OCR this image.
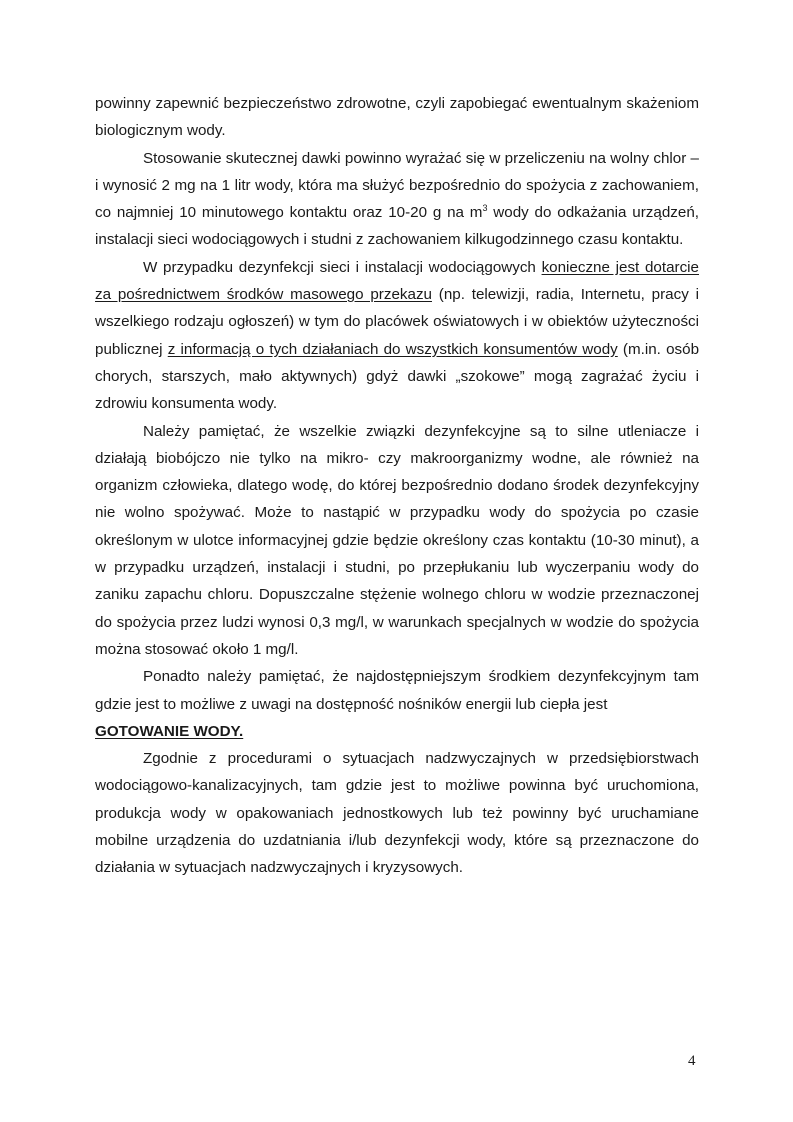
powinny zapewnić bezpieczeństwo zdrowotne, czyli zapobiegać ewentualnym skażeniom biologicznym wody.

Stosowanie skutecznej dawki powinno wyrażać się w przeliczeniu na wolny chlor – i wynosić 2 mg na 1 litr wody, która ma służyć bezpośrednio do spożycia z zachowaniem, co najmniej 10 minutowego kontaktu oraz 10-20 g na $m^3$ wody do odkażania urządzeń, instalacji sieci wodociągowych i studni z zachowaniem kilkugodzinnego czasu kontaktu.

W przypadku dezynfekcji sieci i instalacji wodociągowych konieczne jest dotarcie za pośrednictwem środków masowego przekazu (np. telewizji, radia, Internetu, pracy i wszelkiego rodzaju ogłoszeń) w tym do placówek oświatowych i w obiektów użyteczności publicznej z informacją o tych działaniach do wszystkich konsumentów wody (m.in. osób chorych, starszych, mało aktywnych) gdyż dawki „szokowe” mogą zagrażać życiu i zdrowiu konsumenta wody.

Należy pamiętać, że wszelkie związki dezynfekcyjne są to silne utleniacze i działają biobójczo nie tylko na mikro- czy makroorganizmy wodne, ale również na organizm człowieka, dlatego wodę, do której bezpośrednio dodano środek dezynfekcyjny nie wolno spożywać. Może to nastąpić w przypadku wody do spożycia po czasie określonym w ulotce informacyjnej gdzie będzie określony czas kontaktu (10-30 minut), a w przypadku urządzeń, instalacji i studni, po przepłukaniu lub wyczerpaniu wody do zaniku zapachu chloru. Dopuszczalne stężenie wolnego chloru w wodzie przeznaczonej do spożycia przez ludzi wynosi 0,3 mg/l, w warunkach specjalnych w wodzie do spożycia można stosować około 1 mg/l.

Ponadto należy pamiętać, że najdostępniejszym środkiem dezynfekcyjnym tam gdzie jest to możliwe z uwagi na dostępność nośników energii lub ciepła jest
GOTOWANIE WODY.

Zgodnie z procedurami o sytuacjach nadzwyczajnych w przedsiębiorstwach wodociągowo-kanalizacyjnych, tam gdzie jest to możliwe powinna być uruchomiona, produkcja wody w opakowaniach jednostkowych lub też powinny być uruchamiane mobilne urządzenia do uzdatniania i/lub dezynfekcji wody, które są przeznaczone do działania w sytuacjach nadzwyczajnych i kryzysowych.

4
